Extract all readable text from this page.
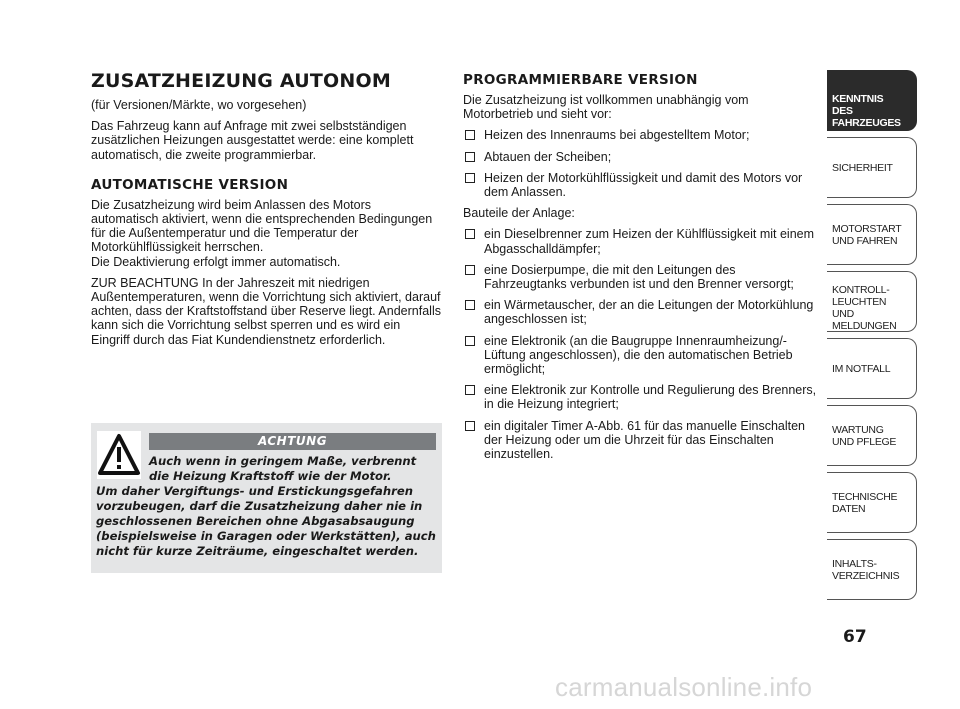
ZUSATZHEIZUNG AUTONOM

(für Versionen/Märkte, wo vorgesehen)

Das Fahrzeug kann auf Anfrage mit zwei selbstständigen zusätzlichen Heizungen ausgestattet werde: eine komplett automatisch, die zweite programmierbar.

AUTOMATISCHE VERSION

Die Zusatzheizung wird beim Anlassen des Motors automatisch aktiviert, wenn die entsprechenden Bedingungen für die Außentemperatur und die Temperatur der Motorkühlflüssigkeit herrschen.
Die Deaktivierung erfolgt immer automatisch.

ZUR BEACHTUNG In der Jahreszeit mit niedrigen Außentemperaturen, wenn die Vorrichtung sich aktiviert, darauf achten, dass der Kraftstoffstand über Reserve liegt. Andernfalls kann sich die Vorrichtung selbst sperren und es wird ein Eingriff durch das Fiat Kundendienstnetz erforderlich.

ACHTUNG
Auch wenn in geringem Maße, verbrennt
die Heizung Kraftstoff wie der Motor.
Um daher Vergiftungs- und Erstickungsgefahren vorzubeugen, darf die Zusatzheizung daher nie in geschlossenen Bereichen ohne Abgasabsaugung (beispielsweise in Garagen oder Werkstätten), auch nicht für kurze Zeiträume, eingeschaltet werden.
PROGRAMMIERBARE VERSION

Die Zusatzheizung ist vollkommen unabhängig vom Motorbetrieb und sieht vor:

Heizen des Innenraums bei abgestelltem Motor;
Abtauen der Scheiben;
Heizen der Motorkühlflüssigkeit und damit des Motors vor dem Anlassen.

Bauteile der Anlage:

ein Dieselbrenner zum Heizen der Kühlflüssigkeit mit einem Abgasschalldämpfer;
eine Dosierpumpe, die mit den Leitungen des Fahrzeugtanks verbunden ist und den Brenner versorgt;
ein Wärmetauscher, der an die Leitungen der Motorkühlung angeschlossen ist;
eine Elektronik (an die Baugruppe Innenraumheizung/-Lüftung angeschlossen), die den automatischen Betrieb ermöglicht;
eine Elektronik zur Kontrolle und Regulierung des Brenners, in die Heizung integriert;
ein digitaler Timer A-Abb. 61 für das manuelle Einschalten der Heizung oder um die Uhrzeit für das Einschalten einzustellen.
KENNTNIS
DES FAHRZEUGES
SICHERHEIT
MOTORSTART
UND FAHREN
KONTROLL-
LEUCHTEN
UND MELDUNGEN
IM NOTFALL
WARTUNG
UND PFLEGE
TECHNISCHE
DATEN
INHALTS-
VERZEICHNIS
67
carmanualsonline.info
